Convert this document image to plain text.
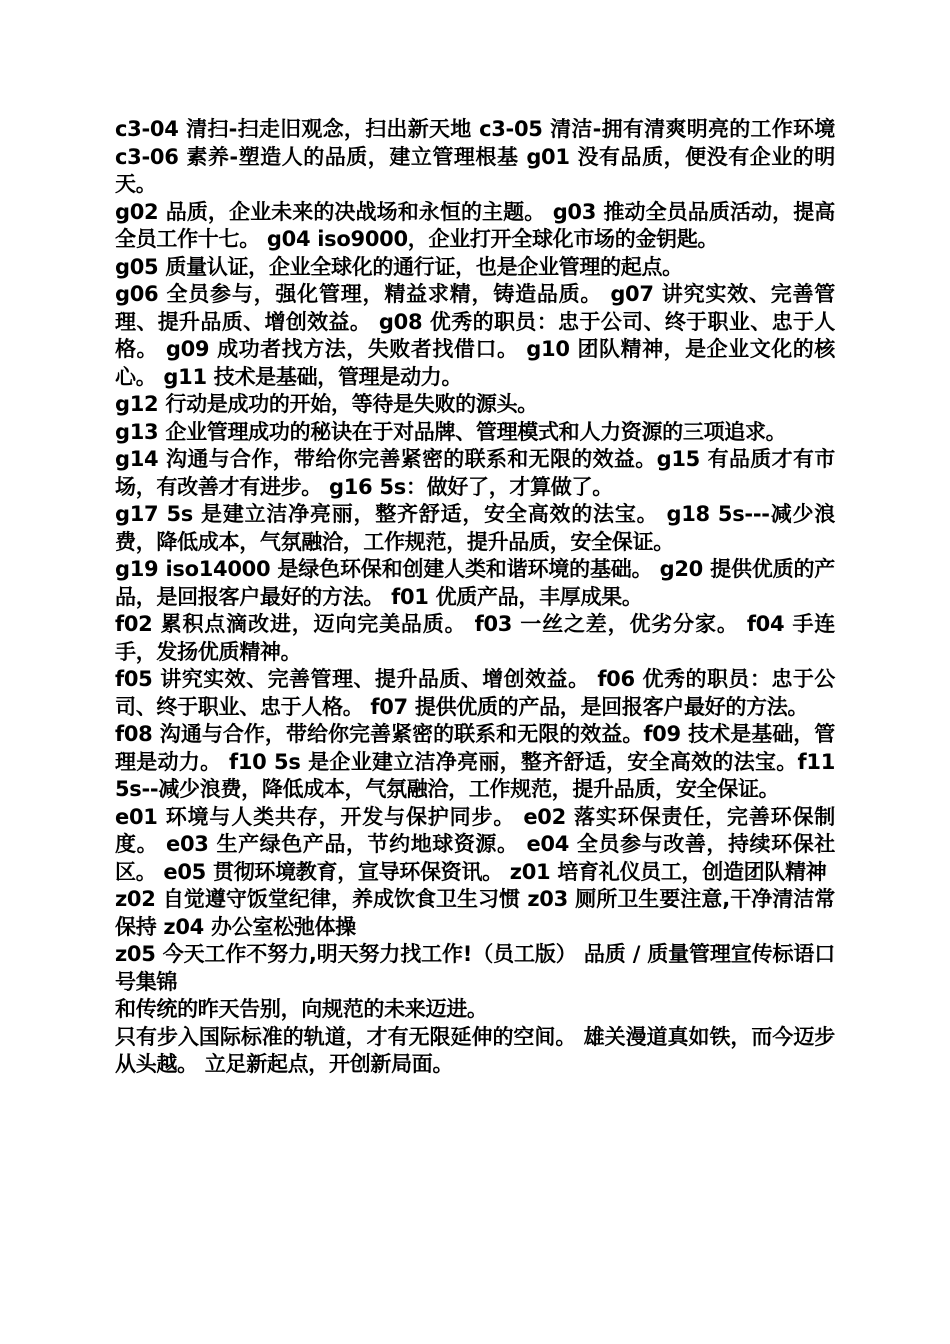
c3-04 清扫-扫走旧观念，扫出新天地 c3-05 清洁-拥有清爽明亮的工作环境 c3-06 素养-塑造人的品质，建立管理根基 g01 没有品质，便没有企业的明天。

g02 品质，企业未来的决战场和永恒的主题。 g03 推动全员品质活动，提高全员工作十七。 g04 iso9000，企业打开全球化市场的金钥匙。

g05 质量认证，企业全球化的通行证，也是企业管理的起点。

g06 全员参与，强化管理，精益求精，铸造品质。 g07 讲究实效、完善管理、提升品质、增创效益。 g08 优秀的职员：忠于公司、终于职业、忠于人格。 g09 成功者找方法，失败者找借口。 g10 团队精神，是企业文化的核心。 g11 技术是基础，管理是动力。

g12 行动是成功的开始，等待是失败的源头。

g13 企业管理成功的秘诀在于对品牌、管理模式和人力资源的三项追求。

g14 沟通与合作，带给你完善紧密的联系和无限的效益。g15 有品质才有市场，有改善才有进步。 g16 5s：做好了，才算做了。

g17 5s 是建立洁净亮丽，整齐舒适，安全高效的法宝。 g18 5s---减少浪费，降低成本，气氛融洽，工作规范，提升品质，安全保证。

g19 iso14000 是绿色环保和创建人类和谐环境的基础。 g20 提供优质的产品，是回报客户最好的方法。 f01 优质产品，丰厚成果。

f02 累积点滴改进，迈向完美品质。 f03 一丝之差，优劣分家。 f04 手连手，发扬优质精神。

f05 讲究实效、完善管理、提升品质、增创效益。 f06 优秀的职员：忠于公司、终于职业、忠于人格。 f07 提供优质的产品，是回报客户最好的方法。

f08 沟通与合作，带给你完善紧密的联系和无限的效益。f09 技术是基础，管理是动力。 f10 5s 是企业建立洁净亮丽，整齐舒适，安全高效的法宝。f11 5s--减少浪费，降低成本，气氛融洽，工作规范，提升品质，安全保证。

e01 环境与人类共存，开发与保护同步。 e02 落实环保责任，完善环保制度。 e03 生产绿色产品，节约地球资源。 e04 全员参与改善，持续环保社区。 e05 贯彻环境教育，宣导环保资讯。 z01 培育礼仪员工，创造团队精神

z02 自觉遵守饭堂纪律，养成饮食卫生习惯 z03 厕所卫生要注意,干净清洁常保持 z04 办公室松弛体操

z05 今天工作不努力,明天努力找工作!（员工版） 品质 / 质量管理宣传标语口号集锦

和传统的昨天告别，向规范的未来迈进。

只有步入国际标准的轨道，才有无限延伸的空间。 雄关漫道真如铁，而今迈步从头越。 立足新起点，开创新局面。
